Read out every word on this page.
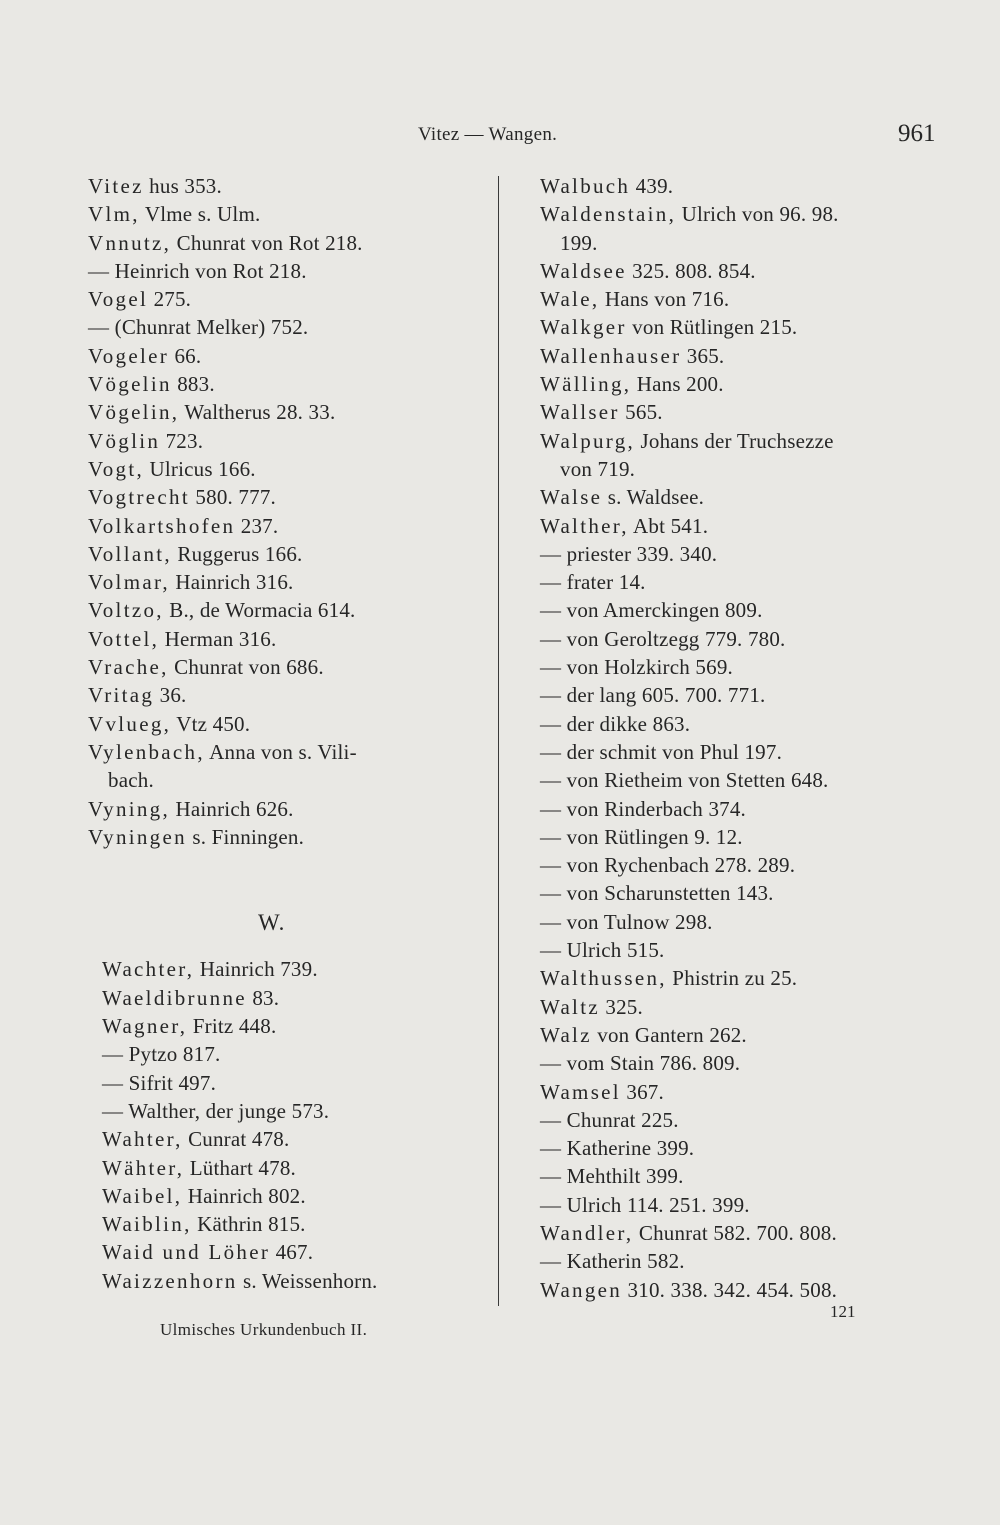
Vitez — Wangen.	961
Vitez hus 353.
Vlm, Vlme s. Ulm.
Vnnutz, Chunrat von Rot 218.
— Heinrich von Rot 218.
Vogel 275.
— (Chunrat Melker) 752.
Vogeler 66.
Vögelin 883.
Vögelin, Waltherus 28. 33.
Vöglin 723.
Vogt, Ulricus 166.
Vogtrecht 580. 777.
Volkartshofen 237.
Vollant, Ruggerus 166.
Volmar, Hainrich 316.
Voltzo, B., de Wormacia 614.
Vottel, Herman 316.
Vrache, Chunrat von 686.
Vritag 36.
Vvlueg, Vtz 450.
Vylenbach, Anna von s. Vili-
bach.
Vyning, Hainrich 626.
Vyningen s. Finningen.
W.
Wachter, Hainrich 739.
Waeldibrunne 83.
Wagner, Fritz 448.
— Pytzo 817.
— Sifrit 497.
— Walther, der junge 573.
Wahter, Cunrat 478.
Wähter, Lüthart 478.
Waibel, Hainrich 802.
Waiblin, Käthrin 815.
Waid und Löher 467.
Waizzenhorn s. Weissenhorn.
Walbuch 439.
Waldenstain, Ulrich von 96. 98.
199.
Waldsee 325. 808. 854.
Wale, Hans von 716.
Walkger von Rütlingen 215.
Wallenhauser 365.
Wälling, Hans 200.
Wallser 565.
Walpurg, Johans der Truchsezze
von 719.
Walse s. Waldsee.
Walther, Abt 541.
— priester 339. 340.
— frater 14.
— von Amerckingen 809.
— von Geroltzegg 779. 780.
— von Holzkirch 569.
— der lang 605. 700. 771.
— der dikke 863.
— der schmit von Phul 197.
— von Rietheim von Stetten 648.
— von Rinderbach 374.
— von Rütlingen 9. 12.
— von Rychenbach 278. 289.
— von Scharunstetten 143.
— von Tulnow 298.
— Ulrich 515.
Walthussen, Phistrin zu 25.
Waltz 325.
Walz von Gantern 262.
— vom Stain 786. 809.
Wamsel 367.
— Chunrat 225.
— Katherine 399.
— Mehthilt 399.
— Ulrich 114. 251. 399.
Wandler, Chunrat 582. 700. 808.
— Katherin 582.
Wangen 310. 338. 342. 454. 508.
Ulmisches Urkundenbuch II.
121
